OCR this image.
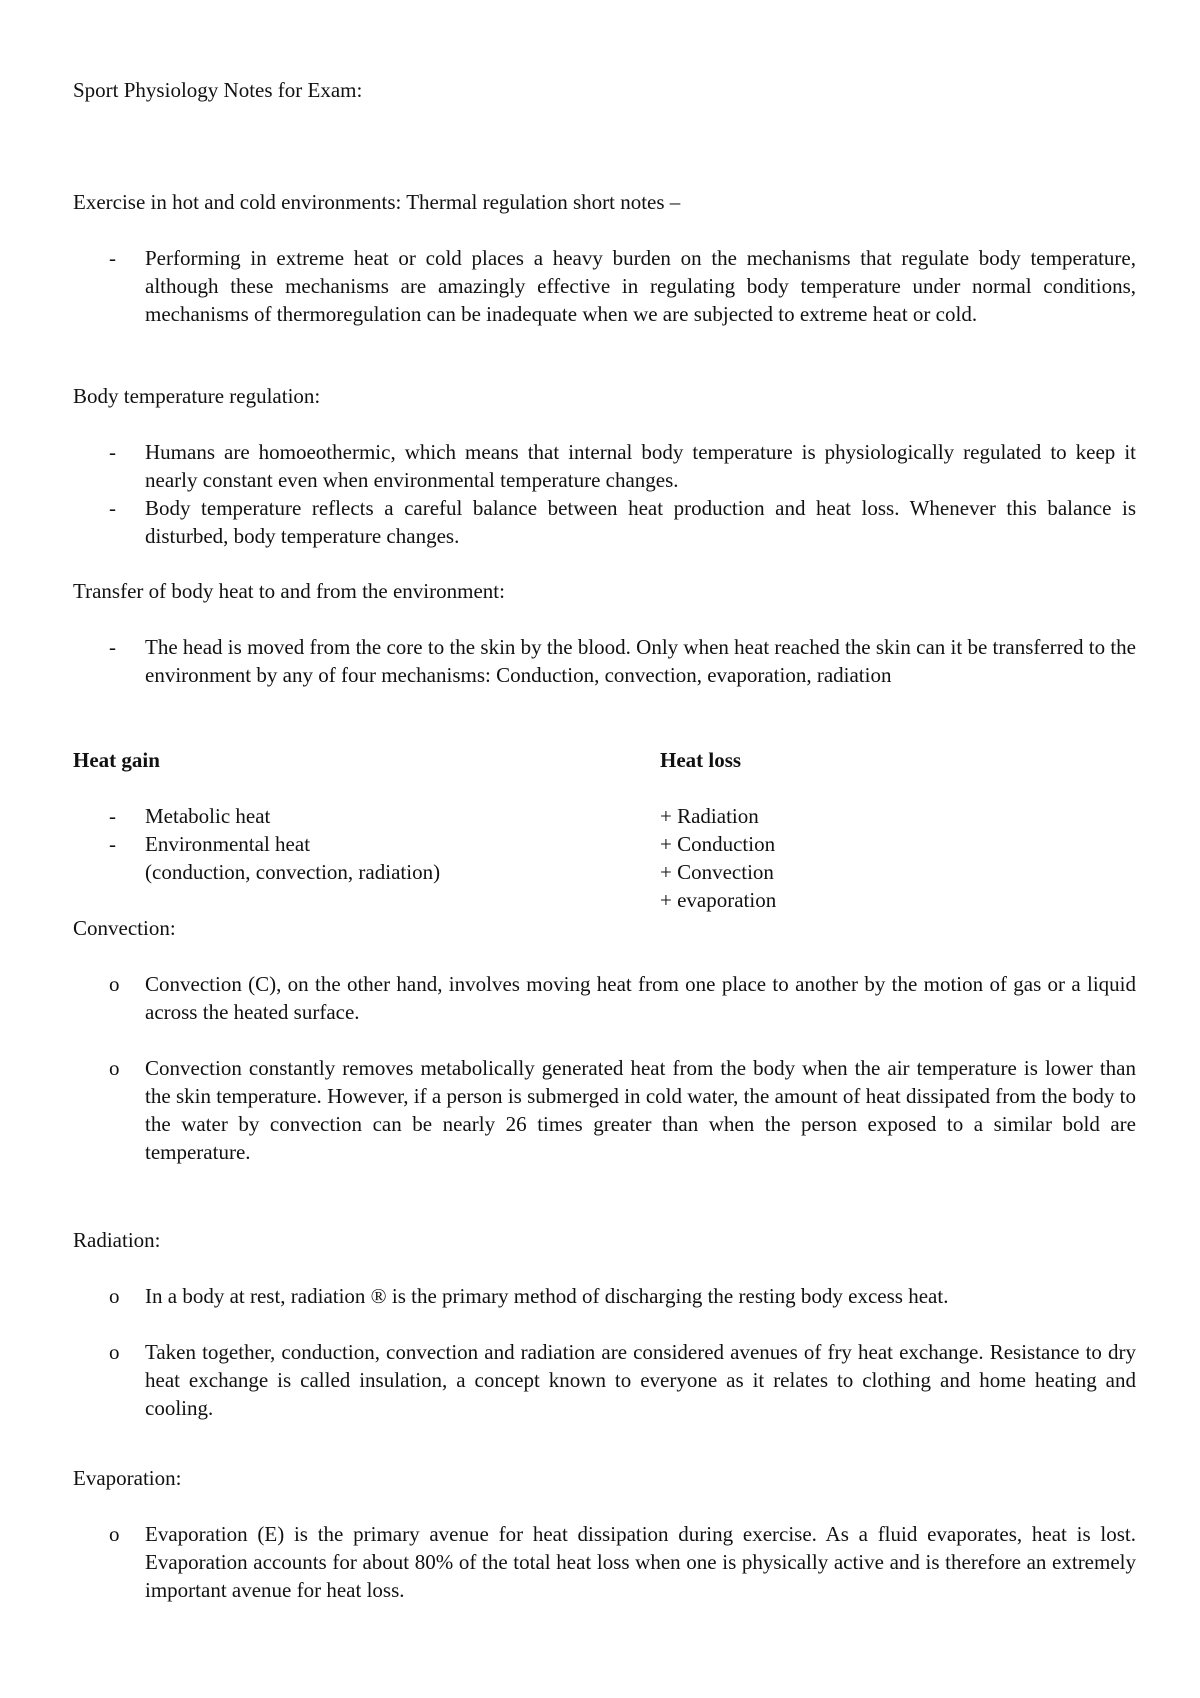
Sport Physiology Notes for Exam:

Exercise in hot and cold environments: Thermal regulation short notes –

- Performing in extreme heat or cold places a heavy burden on the mechanisms that regulate body temperature, although these mechanisms are amazingly effective in regulating body temperature under normal conditions, mechanisms of thermoregulation can be inadequate when we are subjected to extreme heat or cold.

Body temperature regulation:

- Humans are homoeothermic, which means that internal body temperature is physiologically regulated to keep it nearly constant even when environmental temperature changes.
- Body temperature reflects a careful balance between heat production and heat loss. Whenever this balance is disturbed, body temperature changes.

Transfer of body heat to and from the environment:

- The head is moved from the core to the skin by the blood. Only when heat reached the skin can it be transferred to the environment by any of four mechanisms: Conduction, convection, evaporation, radiation

Heat gain	Heat loss

- Metabolic heat
- Environmental heat
(conduction, convection, radiation)
+ Radiation
+ Conduction
+ Convection
+ evaporation

Convection:

o Convection (C), on the other hand, involves moving heat from one place to another by the motion of gas or a liquid across the heated surface.
o Convection constantly removes metabolically generated heat from the body when the air temperature is lower than the skin temperature. However, if a person is submerged in cold water, the amount of heat dissipated from the body to the water by convection can be nearly 26 times greater than when the person exposed to a similar bold are temperature.

Radiation:

o In a body at rest, radiation ® is the primary method of discharging the resting body excess heat.
o Taken together, conduction, convection and radiation are considered avenues of fry heat exchange. Resistance to dry heat exchange is called insulation, a concept known to everyone as it relates to clothing and home heating and cooling.

Evaporation:

o Evaporation (E) is the primary avenue for heat dissipation during exercise. As a fluid evaporates, heat is lost. Evaporation accounts for about 80% of the total heat loss when one is physically active and is therefore an extremely important avenue for heat loss.
